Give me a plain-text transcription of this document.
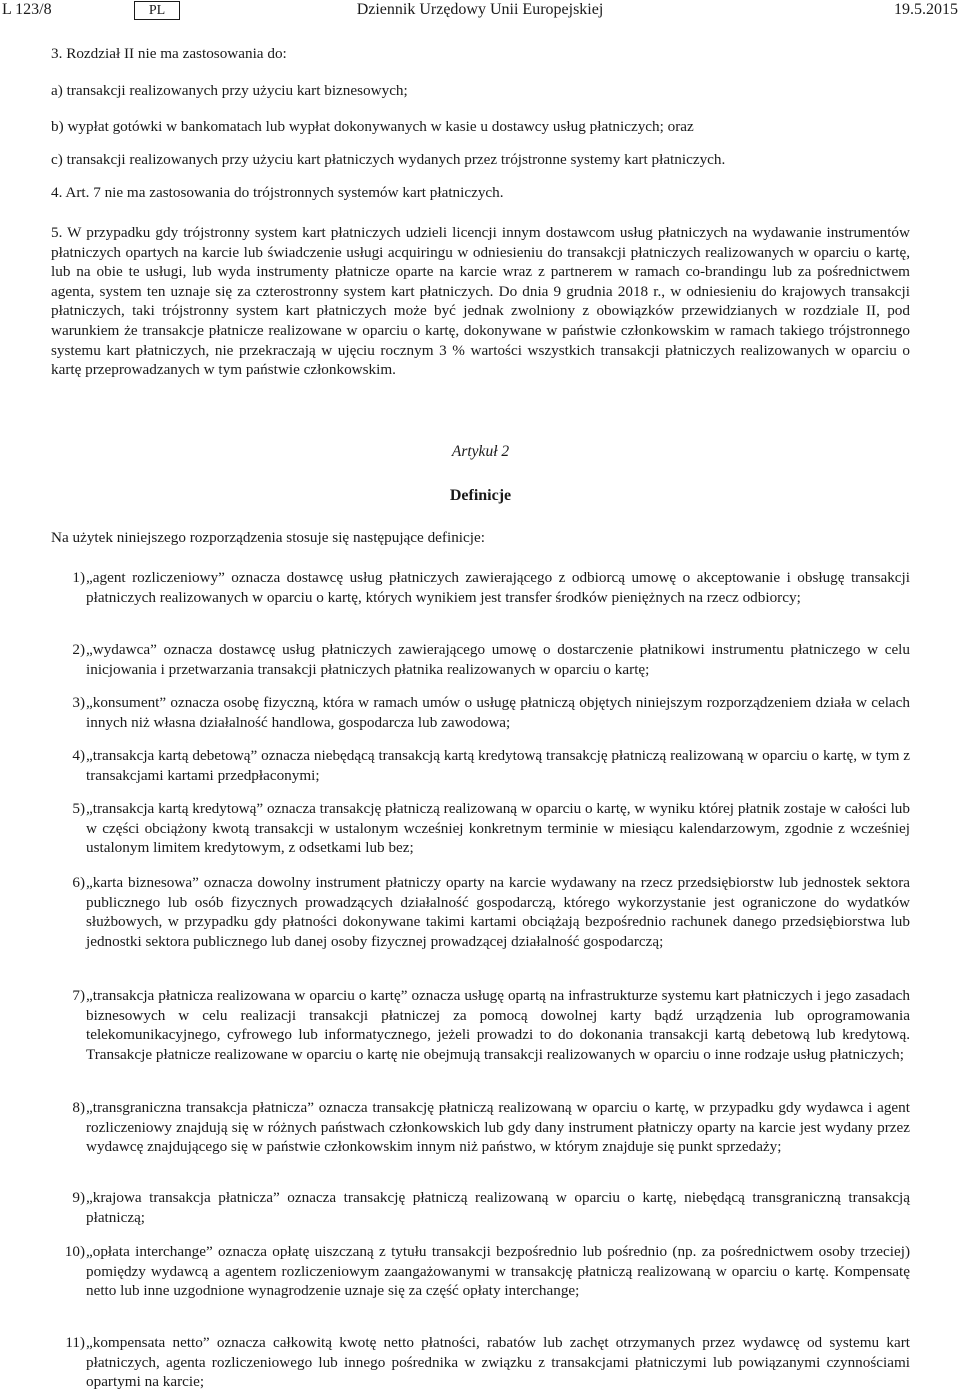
L 123/8	PL	Dziennik Urzędowy Unii Europejskiej	19.5.2015
3. Rozdział II nie ma zastosowania do:
a) transakcji realizowanych przy użyciu kart biznesowych;
b) wypłat gotówki w bankomatach lub wypłat dokonywanych w kasie u dostawcy usług płatniczych; oraz
c) transakcji realizowanych przy użyciu kart płatniczych wydanych przez trójstronne systemy kart płatniczych.
4. Art. 7 nie ma zastosowania do trójstronnych systemów kart płatniczych.
5. W przypadku gdy trójstronny system kart płatniczych udzieli licencji innym dostawcom usług płatniczych na wydawanie instrumentów płatniczych opartych na karcie lub świadczenie usługi acquiringu w odniesieniu do transakcji płatniczych realizowanych w oparciu o kartę, lub na obie te usługi, lub wyda instrumenty płatnicze oparte na karcie wraz z partnerem w ramach co-brandingu lub za pośrednictwem agenta, system ten uznaje się za czterostronny system kart płatniczych. Do dnia 9 grudnia 2018 r., w odniesieniu do krajowych transakcji płatniczych, taki trójstronny system kart płatniczych może być jednak zwolniony z obowiązków przewidzianych w rozdziale II, pod warunkiem że transakcje płatnicze realizowane w oparciu o kartę, dokonywane w państwie członkowskim w ramach takiego trójstronnego systemu kart płatniczych, nie przekraczają w ujęciu rocznym 3 % wartości wszystkich transakcji płatniczych realizowanych w oparciu o kartę przeprowadzanych w tym państwie członkowskim.
Artykuł 2
Definicje
Na użytek niniejszego rozporządzenia stosuje się następujące definicje:
1) „agent rozliczeniowy” oznacza dostawcę usług płatniczych zawierającego z odbiorcą umowę o akceptowanie i obsługę transakcji płatniczych realizowanych w oparciu o kartę, których wynikiem jest transfer środków pieniężnych na rzecz odbiorcy;
2) „wydawca” oznacza dostawcę usług płatniczych zawierającego umowę o dostarczenie płatnikowi instrumentu płatniczego w celu inicjowania i przetwarzania transakcji płatniczych płatnika realizowanych w oparciu o kartę;
3) „konsument” oznacza osobę fizyczną, która w ramach umów o usługę płatniczą objętych niniejszym rozporządzeniem działa w celach innych niż własna działalność handlowa, gospodarcza lub zawodowa;
4) „transakcja kartą debetową” oznacza niebędącą transakcją kartą kredytową transakcję płatniczą realizowaną w oparciu o kartę, w tym z transakcjami kartami przedpłaconymi;
5) „transakcja kartą kredytową” oznacza transakcję płatniczą realizowaną w oparciu o kartę, w wyniku której płatnik zostaje w całości lub w części obciążony kwotą transakcji w ustalonym wcześniej konkretnym terminie w miesiącu kalendarzowym, zgodnie z wcześniej ustalonym limitem kredytowym, z odsetkami lub bez;
6) „karta biznesowa” oznacza dowolny instrument płatniczy oparty na karcie wydawany na rzecz przedsiębiorstw lub jednostek sektora publicznego lub osób fizycznych prowadzących działalność gospodarczą, którego wykorzystanie jest ograniczone do wydatków służbowych, w przypadku gdy płatności dokonywane takimi kartami obciążają bezpośrednio rachunek danego przedsiębiorstwa lub jednostki sektora publicznego lub danej osoby fizycznej prowadzącej działalność gospodarczą;
7) „transakcja płatnicza realizowana w oparciu o kartę” oznacza usługę opartą na infrastrukturze systemu kart płatniczych i jego zasadach biznesowych w celu realizacji transakcji płatniczej za pomocą dowolnej karty bądź urządzenia lub oprogramowania telekomunikacyjnego, cyfrowego lub informatycznego, jeżeli prowadzi to do dokonania transakcji kartą debetową lub kredytową. Transakcje płatnicze realizowane w oparciu o kartę nie obejmują transakcji realizowanych w oparciu o inne rodzaje usług płatniczych;
8) „transgraniczna transakcja płatnicza” oznacza transakcję płatniczą realizowaną w oparciu o kartę, w przypadku gdy wydawca i agent rozliczeniowy znajdują się w różnych państwach członkowskich lub gdy dany instrument płatniczy oparty na karcie jest wydany przez wydawcę znajdującego się w państwie członkowskim innym niż państwo, w którym znajduje się punkt sprzedaży;
9) „krajowa transakcja płatnicza” oznacza transakcję płatniczą realizowaną w oparciu o kartę, niebędącą transgraniczną transakcją płatniczą;
10) „opłata interchange” oznacza opłatę uiszczaną z tytułu transakcji bezpośrednio lub pośrednio (np. za pośrednictwem osoby trzeciej) pomiędzy wydawcą a agentem rozliczeniowym zaangażowanymi w transakcję płatniczą realizowaną w oparciu o kartę. Kompensatę netto lub inne uzgodnione wynagrodzenie uznaje się za część opłaty interchange;
11) „kompensata netto” oznacza całkowitą kwotę netto płatności, rabatów lub zachęt otrzymanych przez wydawcę od systemu kart płatniczych, agenta rozliczeniowego lub innego pośrednika w związku z transakcjami płatniczymi lub powiązanymi czynnościami opartymi na karcie;
